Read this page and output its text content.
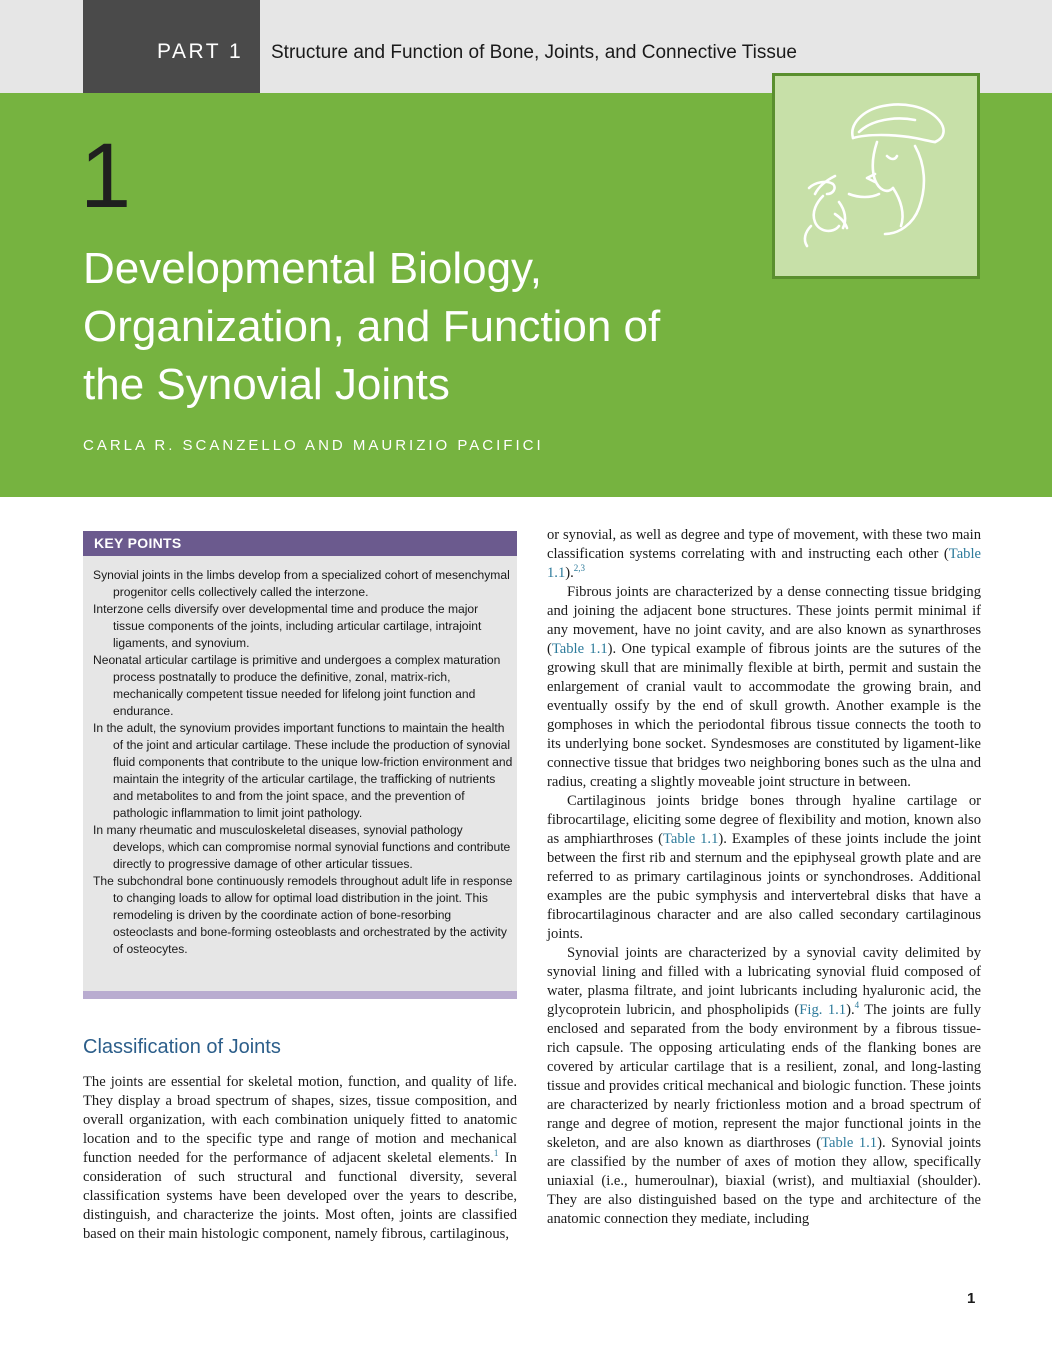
PART 1 Structure and Function of Bone, Joints, and Connective Tissue
1
Developmental Biology,
Organization, and Function of
the Synovial Joints
CARLA R. SCANZELLO AND MAURIZIO PACIFICI
KEY POINTS
Synovial joints in the limbs develop from a specialized cohort of mesenchymal progenitor cells collectively called the interzone.
Interzone cells diversify over developmental time and produce the major tissue components of the joints, including articular cartilage, intrajoint ligaments, and synovium.
Neonatal articular cartilage is primitive and undergoes a complex maturation process postnatally to produce the definitive, zonal, matrix-rich, mechanically competent tissue needed for lifelong joint function and endurance.
In the adult, the synovium provides important functions to maintain the health of the joint and articular cartilage. These include the production of synovial fluid components that contribute to the unique low-friction environment and maintain the integrity of the articular cartilage, the trafficking of nutrients and metabolites to and from the joint space, and the prevention of pathologic inflammation to limit joint pathology.
In many rheumatic and musculoskeletal diseases, synovial pathology develops, which can compromise normal synovial functions and contribute directly to progressive damage of other articular tissues.
The subchondral bone continuously remodels throughout adult life in response to changing loads to allow for optimal load distribution in the joint. This remodeling is driven by the coordinate action of bone-resorbing osteoclasts and bone-forming osteoblasts and orchestrated by the activity of osteocytes.
Classification of Joints

The joints are essential for skeletal motion, function, and quality of life. They display a broad spectrum of shapes, sizes, tissue composition, and overall organization, with each combination uniquely fitted to anatomic location and to the specific type and range of motion and mechanical function needed for the performance of adjacent skeletal elements.$^1$ In consideration of such structural and functional diversity, several classification systems have been developed over the years to describe, distinguish, and characterize the joints. Most often, joints are classified based on their main histologic component, namely fibrous, cartilaginous,

or synovial, as well as degree and type of movement, with these two main classification systems correlating with and instructing each other (Table 1.1).$^{2,3}$

Fibrous joints are characterized by a dense connecting tissue bridging and joining the adjacent bone structures. These joints permit minimal if any movement, have no joint cavity, and are also known as synarthroses (Table 1.1). One typical example of fibrous joints are the sutures of the growing skull that are minimally flexible at birth, permit and sustain the enlargement of cranial vault to accommodate the growing brain, and eventually ossify by the end of skull growth. Another example is the gomphoses in which the periodontal fibrous tissue connects the tooth to its underlying bone socket. Syndesmoses are constituted by ligament-like connective tissue that bridges two neighboring bones such as the ulna and radius, creating a slightly moveable joint structure in between.

Cartilaginous joints bridge bones through hyaline cartilage or fibrocartilage, eliciting some degree of flexibility and motion, known also as amphiarthroses (Table 1.1). Examples of these joints include the joint between the first rib and sternum and the epiphyseal growth plate and are referred to as primary cartilaginous joints or synchondroses. Additional examples are the pubic symphysis and intervertebral disks that have a fibrocartilaginous character and are also called secondary cartilaginous joints.

Synovial joints are characterized by a synovial cavity delimited by synovial lining and filled with a lubricating synovial fluid composed of water, plasma filtrate, and joint lubricants including hyaluronic acid, the glycoprotein lubricin, and phospholipids (Fig. 1.1).$^4$ The joints are fully enclosed and separated from the body environment by a fibrous tissue-rich capsule. The opposing articulating ends of the flanking bones are covered by articular cartilage that is a resilient, zonal, and long-lasting tissue and provides critical mechanical and biologic function. These joints are characterized by nearly frictionless motion and a broad spectrum of range and degree of motion, represent the major functional joints in the skeleton, and are also known as diarthroses (Table 1.1). Synovial joints are classified by the number of axes of motion they allow, specifically uniaxial (i.e., humeroulnar), biaxial (wrist), and multiaxial (shoulder). They are also distinguished based on the type and architecture of the anatomic connection they mediate, including

1
